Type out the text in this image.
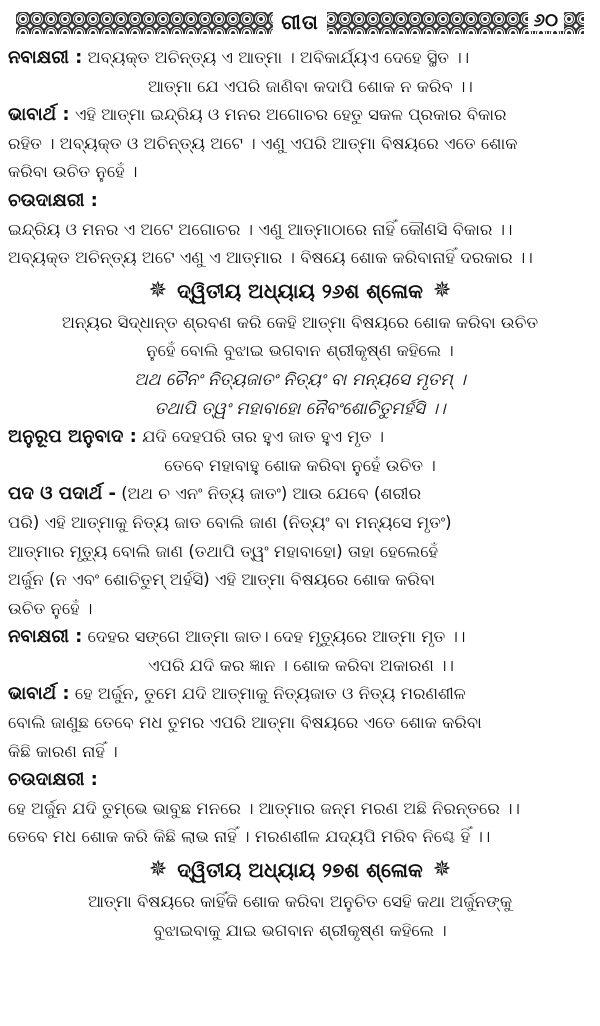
ଗୀତା	୬୦
ନବାକ୍ଷରୀ : ଅବ୍ୟକ୍ତ ଅଚିନ୍ତ୍ୟ ଏ ଆତ୍ମା । ଅବିକାର୍ଯ୍ୟଏ ଦେହେ ସ୍ଥିତ ।।
ଆତ୍ମା ଯେ ଏପରି ଜାଣିବା କଦାପି ଶୋକ ନ କରିବ ।।
ଭାବାର୍ଥ : ଏହି ଆତ୍ମା ଇନ୍ଦ୍ରିୟ ଓ ମନର ଅଗୋଚର ହେତୁ ସକଳ ପ୍ରକାର ବିକାର
ରହିତ । ଅବ୍ୟକ୍ତ ଓ ଅଚିନ୍ତ୍ୟ ଅଟେ । ଏଣୁ ଏପରି ଆତ୍ମା ବିଷୟରେ ଏତେ ଶୋକ
କରିବା ଉଚିତ ନୁହେଁ ।
ଚଉଦାକ୍ଷରୀ :
ଇନ୍ଦ୍ରିୟ ଓ ମନର ଏ ଅଟେ ଅଗୋଚର । ଏଣୁ ଆତ୍ମାଠାରେ ନାହିଁ କୌଣସି ବିକାର ।।
ଅବ୍ୟକ୍ତ ଅଚିନ୍ତ୍ୟ ଅଟେ ଏଣୁ ଏ ଆତ୍ମାର । ବିଷୟେ ଶୋକ କରିବାନାହିଁ ଦରକାର ।।
✵ ଦ୍ୱିତୀୟ ଅଧ୍ୟାୟ ୨୬ଶ ଶ୍ଳୋକ ✵
ଅନ୍ୟର ସିଦ୍ଧାନ୍ତ ଶ୍ରବଣ କରି କେହି ଆତ୍ମା ବିଷୟରେ ଶୋକ କରିବା ଉଚିତ
ନୁହେଁ ବୋଲି ବୁଝାଇ ଭଗବାନ ଶ୍ରୀକୃଷ୍ଣ କହିଲେ ।
ଅଥ ଚୈନଂ ନିତ୍ୟଜାତଂ ନିତ୍ୟଂ ବା ମନ୍ୟସେ ମୃତମ୍ ।
ତଥାପି ତ୍ୱଂ ମହାବାହୋ ନୈବଂଶୋଚିତୁମର୍ହସି ।।
ଅନୁରୂପ ଅନୁବାଦ : ଯଦି ଦେହପରି ତାର ହୁଏ ଜାତ ହୁଏ ମୃତ ।
ତେବେ ମହାବାହୁ ଶୋକ କରିବା ନୁହେଁ ଉଚିତ ।
ପଦ ଓ ପଦାର୍ଥ - (ଅଥ ଚ ଏନଂ ନିତ୍ୟ ଜାତଂ) ଆଉ ଯେବେ (ଶରୀର
ପରି) ଏହି ଆତ୍ମାକୁ ନିତ୍ୟ ଜାତ ବୋଲି ଜାଣ (ନିତ୍ୟଂ ବା ମନ୍ୟସେ ମୃତଂ)
ଆତ୍ମାର ମୃତ୍ୟୁ ବୋଲି ଜାଣ (ତଥାପି ତ୍ୱଂ ମହାବାହୋ) ତାହା ହେଲେହେଁ
ଅର୍ଜୁନ (ନ ଏବଂ ଶୋଚିତୁମ୍ ଅର୍ହସି) ଏହି ଆତ୍ମା ବିଷୟରେ ଶୋକ କରିବା
ଉଚିତ ନୁହେଁ ।
ନବାକ୍ଷରୀ : ଦେହର ସଙ୍ଗେ ଆତ୍ମା ଜାତ। ଦେହ ମୃତ୍ୟୁରେ ଆତ୍ମା ମୃତ ।।
ଏପରି ଯଦି କର ଜ୍ଞାନ । ଶୋକ କରିବା ଅକାରଣ ।।
ଭାବାର୍ଥ : ହେ ଅର୍ଜୁନ, ତୁମେ ଯଦି ଆତ୍ମାକୁ ନିତ୍ୟଜାତ ଓ ନିତ୍ୟ ମରଣଶୀଳ
ବୋଲି ଜାଣୁଛ ତେବେ ମଧ ତୁମର ଏପରି ଆତ୍ମା ବିଷୟରେ ଏତେ ଶୋକ କରିବା
କିଛି କାରଣ ନାହିଁ ।
ଚଉଦାକ୍ଷରୀ :
ହେ ଅର୍ଜୁନ ଯଦି ତୁମ୍ଭେ ଭାବୁଛ ମନରେ । ଆତ୍ମାର ଜନ୍ମ ମରଣ ଅଛି ନିରନ୍ତରେ ।।
ତେବେ ମଧ ଶୋକ କରି କିଛି ଲାଭ ନାହିଁ । ମରଣଶୀଳ ଯଦ୍ୟପି ମରିବ ନିଶ୍ଚେ ହିଁ ।।
✵ ଦ୍ୱିତୀୟ ଅଧ୍ୟାୟ ୨୭ଶ ଶ୍ଳୋକ ✵
ଆତ୍ମା ବିଷୟରେ କାହିଁକି ଶୋକ କରିବା ଅନୁଚିତ ସେହି କଥା ଅର୍ଜୁନଙ୍କୁ
ବୁଝାଇବାକୁ ଯାଇ ଭଗବାନ ଶ୍ରୀକୃଷ୍ଣ କହିଲେ ।
